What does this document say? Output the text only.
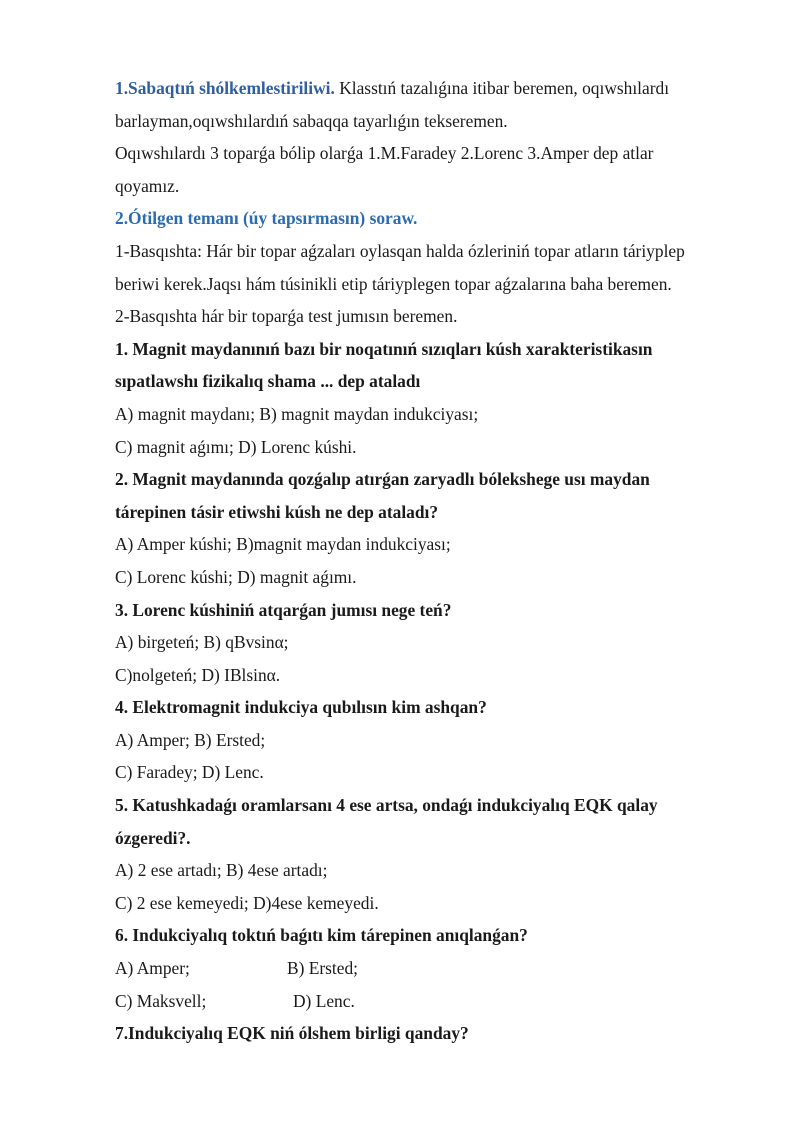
1.Sabaqtıń shólkemlestiriliwi. Klasstıń tazalıǵına itibar beremen, oqıwshılardı

barlayman,oqıwshılardıń sabaqqa tayarlıǵın tekseremen.

Oqıwshılardı 3 toparǵa bólip olarǵa 1.M.Faradey 2.Lorenc 3.Amper dep atlar

qoyamız.

2.Ótilgen temanı (úy tapsırmasın) soraw.

1-Basqıshta: Hár bir topar aǵzaları oylasqan halda ózleriniń topar atların táriyplep

beriwi kerek.Jaqsı hám túsinikli etip táriyplegen topar aǵzalarına baha beremen.

2-Basqıshta hár bir toparǵa test jumısın beremen.

1. Magnit maydanınıń bazı bir noqatınıń sızıqları kúsh xarakteristikasın

sıpatlawshı fizikalıq shama ... dep ataladı

A) magnit maydanı; B) magnit maydan indukciyası;

C) magnit aǵımı; D) Lorenc kúshi.

2. Magnit maydanında qozǵalıp atırǵan zaryadlı bólekshege usı maydan

tárepinen tásir etiwshi kúsh ne dep ataladı?

A) Amper kúshi; B)magnit maydan indukciyası;

C) Lorenc kúshi; D) magnit aǵımı.

3. Lorenc kúshiniń atqarǵan jumısı nege teń?

A) birgeteń; B) qBvsinα;

C)nolgeteń; D) IBlsinα.

4. Elektromagnit indukciya qubılısın kim ashqan?

A) Amper; B) Ersted;

C) Faradey; D) Lenc.

5. Katushkadaǵı oramlarsanı 4 ese artsa, ondaǵı indukciyalıq EQK qalay

ózgeredi?.

A) 2 ese artadı; B) 4ese artadı;

C) 2 ese kemeyedi; D)4ese kemeyedi.

6. Indukciyalıq toktıń baǵıtı kim tárepinen anıqlanǵan?

A) Amper;	B) Ersted;

C) Maksvell;	D) Lenc.

7.Indukciyalıq EQK niń ólshem birligi qanday?
